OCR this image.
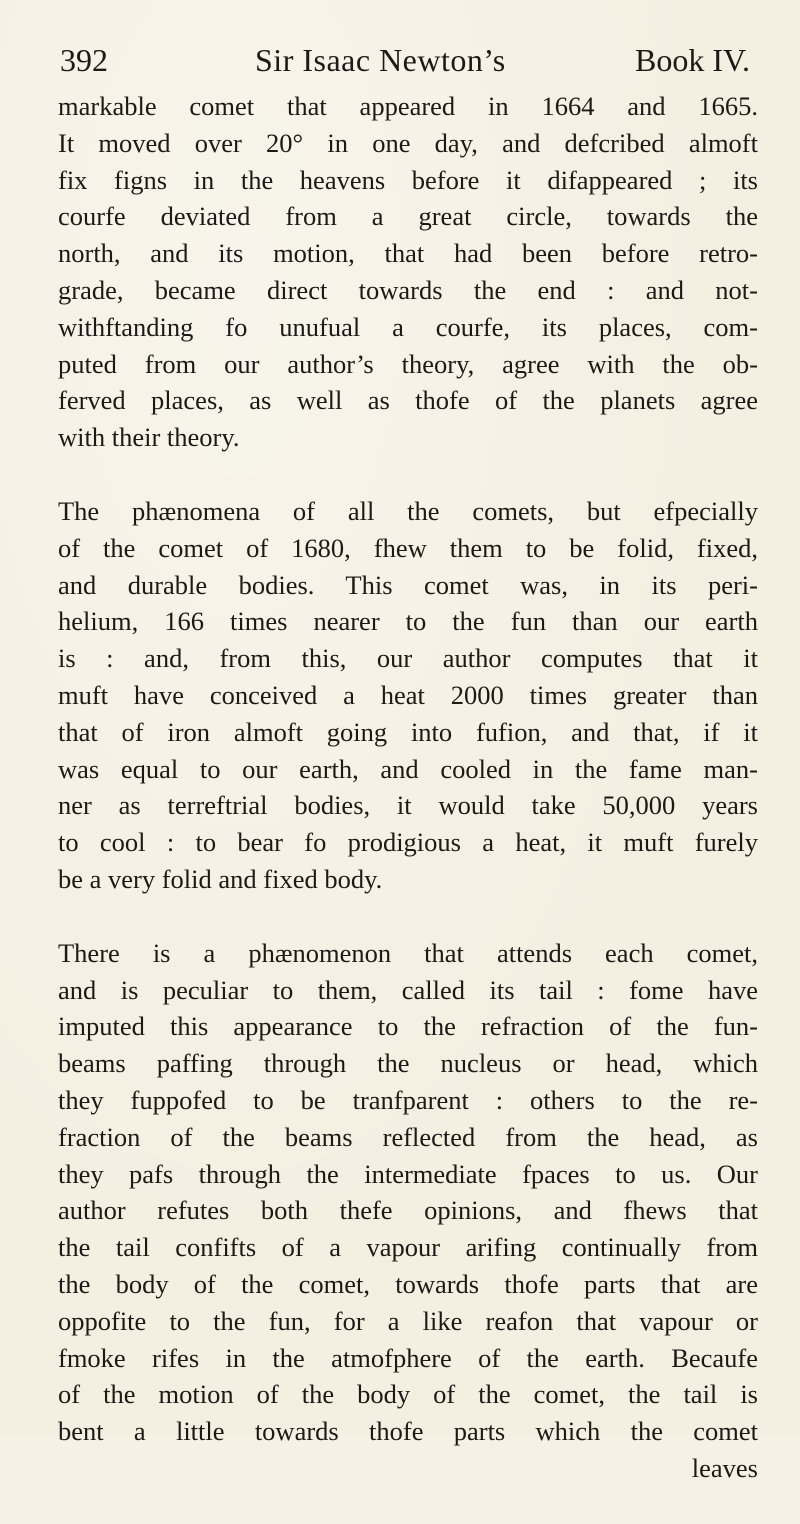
392	Sir Isaac Newton’s	Book IV.
markable comet that appeared in 1664 and 1665.
It moved over 20° in one day, and defcribed almoft
fix figns in the heavens before it difappeared ; its
courfe deviated from a great circle, towards the
north, and its motion, that had been before retro-
grade, became direct towards the end : and not-
withftanding fo unufual a courfe, its places, com-
puted from our author’s theory, agree with the ob-
ferved places, as well as thofe of the planets agree
with their theory.
The phænomena of all the comets, but efpecially
of the comet of 1680, fhew them to be folid, fixed,
and durable bodies. This comet was, in its peri-
helium, 166 times nearer to the fun than our earth
is : and, from this, our author computes that it
muft have conceived a heat 2000 times greater than
that of iron almoft going into fufion, and that, if it
was equal to our earth, and cooled in the fame man-
ner as terreftrial bodies, it would take 50,000 years
to cool : to bear fo prodigious a heat, it muft furely
be a very folid and fixed body.
There is a phænomenon that attends each comet,
and is peculiar to them, called its tail : fome have
imputed this appearance to the refraction of the fun-
beams paffing through the nucleus or head, which
they fuppofed to be tranfparent : others to the re-
fraction of the beams reflected from the head, as
they pafs through the intermediate fpaces to us. Our
author refutes both thefe opinions, and fhews that
the tail confifts of a vapour arifing continually from
the body of the comet, towards thofe parts that are
oppofite to the fun, for a like reafon that vapour or
fmoke rifes in the atmofphere of the earth. Becaufe
of the motion of the body of the comet, the tail is
bent a little towards thofe parts which the comet
leaves
